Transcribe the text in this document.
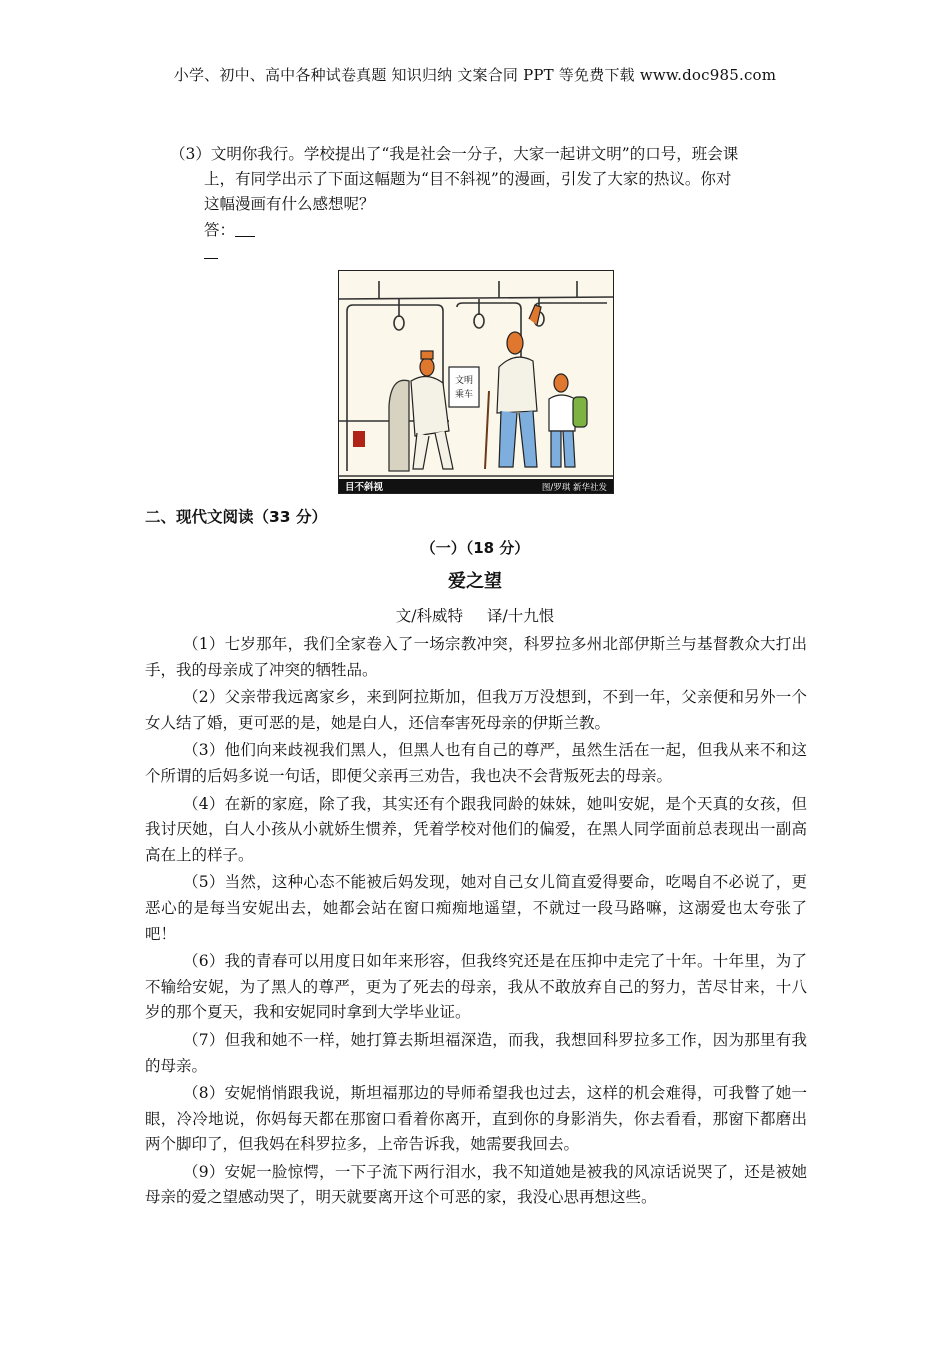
小学、初中、高中各种试卷真题 知识归纳 文案合同 PPT 等免费下载 www.doc985.com
（3）文明你我行。学校提出了“我是社会一分子，大家一起讲文明”的口号，班会课
上，有同学出示了下面这幅题为“目不斜视”的漫画，引发了大家的热议。你对
这幅漫画有什么感想呢？
答：
文明
乘车
目不斜视	图/罗琪 新华社发
二、现代文阅读（33 分）
（一）（18 分）
爱之望
文/科威特 译/十九恨

（1）七岁那年，我们全家卷入了一场宗教冲突，科罗拉多州北部伊斯兰与基督教众大打出手，我的母亲成了冲突的牺牲品。

（2）父亲带我远离家乡，来到阿拉斯加，但我万万没想到，不到一年，父亲便和另外一个女人结了婚，更可恶的是，她是白人，还信奉害死母亲的伊斯兰教。

（3）他们向来歧视我们黑人，但黑人也有自己的尊严，虽然生活在一起，但我从来不和这个所谓的后妈多说一句话，即便父亲再三劝告，我也决不会背叛死去的母亲。

（4）在新的家庭，除了我，其实还有个跟我同龄的妹妹，她叫安妮，是个天真的女孩，但我讨厌她，白人小孩从小就娇生惯养，凭着学校对他们的偏爱，在黑人同学面前总表现出一副高高在上的样子。

（5）当然，这种心态不能被后妈发现，她对自己女儿简直爱得要命，吃喝自不必说了，更恶心的是每当安妮出去，她都会站在窗口痴痴地遥望，不就过一段马路嘛，这溺爱也太夸张了吧！

（6）我的青春可以用度日如年来形容，但我终究还是在压抑中走完了十年。十年里，为了不输给安妮，为了黑人的尊严，更为了死去的母亲，我从不敢放弃自己的努力，苦尽甘来，十八岁的那个夏天，我和安妮同时拿到大学毕业证。

（7）但我和她不一样，她打算去斯坦福深造，而我，我想回科罗拉多工作，因为那里有我的母亲。

（8）安妮悄悄跟我说，斯坦福那边的导师希望我也过去，这样的机会难得，可我瞥了她一眼，冷冷地说，你妈每天都在那窗口看着你离开，直到你的身影消失，你去看看，那窗下都磨出两个脚印了，但我妈在科罗拉多，上帝告诉我，她需要我回去。

（9）安妮一脸惊愕，一下子流下两行泪水，我不知道她是被我的风凉话说哭了，还是被她母亲的爱之望感动哭了，明天就要离开这个可恶的家，我没心思再想这些。
